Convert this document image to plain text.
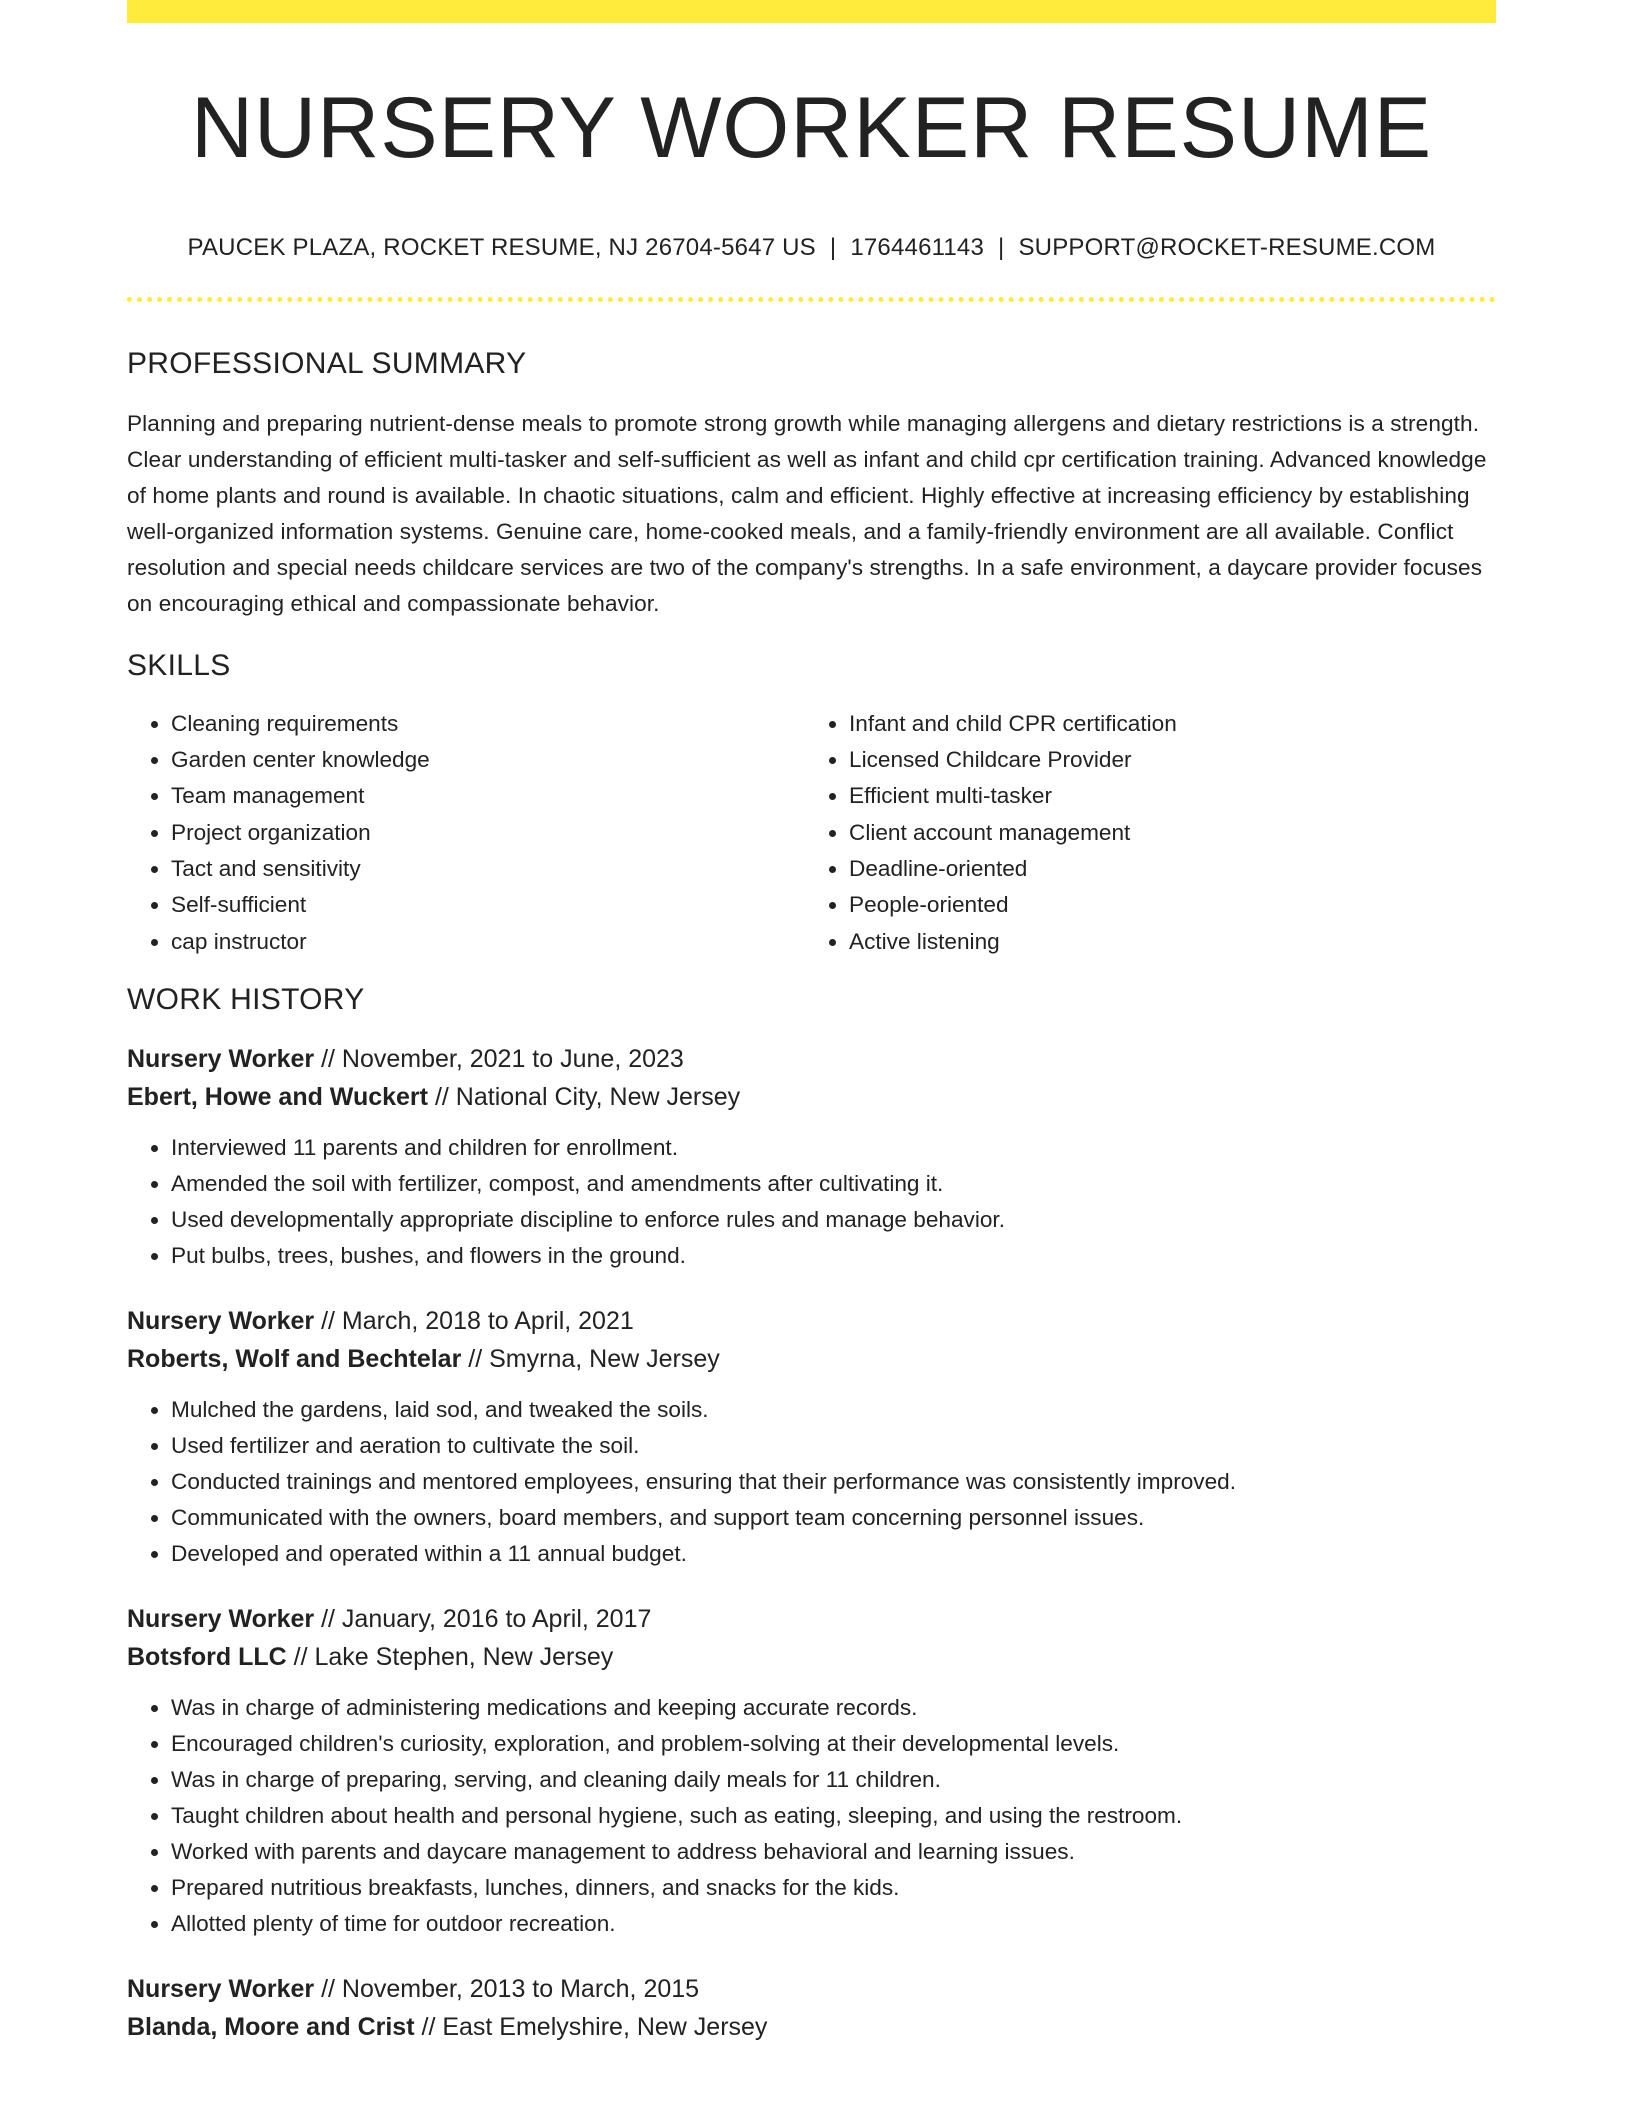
NURSERY WORKER RESUME
PAUCEK PLAZA, ROCKET RESUME, NJ 26704-5647 US | 1764461143 | SUPPORT@ROCKET-RESUME.COM
PROFESSIONAL SUMMARY

Planning and preparing nutrient-dense meals to promote strong growth while managing allergens and dietary restrictions is a strength. Clear understanding of efficient multi-tasker and self-sufficient as well as infant and child cpr certification training. Advanced knowledge of home plants and round is available. In chaotic situations, calm and efficient. Highly effective at increasing efficiency by establishing well-organized information systems. Genuine care, home-cooked meals, and a family-friendly environment are all available. Conflict resolution and special needs childcare services are two of the company's strengths. In a safe environment, a daycare provider focuses on encouraging ethical and compassionate behavior.

SKILLS
• Cleaning requirements
• Garden center knowledge
• Team management
• Project organization
• Tact and sensitivity
• Self-sufficient
• cap instructor
• Infant and child CPR certification
• Licensed Childcare Provider
• Efficient multi-tasker
• Client account management
• Deadline-oriented
• People-oriented
• Active listening
WORK HISTORY
Nursery Worker // November, 2021 to June, 2023
Ebert, Howe and Wuckert // National City, New Jersey
• Interviewed 11 parents and children for enrollment.
• Amended the soil with fertilizer, compost, and amendments after cultivating it.
• Used developmentally appropriate discipline to enforce rules and manage behavior.
• Put bulbs, trees, bushes, and flowers in the ground.
Nursery Worker // March, 2018 to April, 2021
Roberts, Wolf and Bechtelar // Smyrna, New Jersey
• Mulched the gardens, laid sod, and tweaked the soils.
• Used fertilizer and aeration to cultivate the soil.
• Conducted trainings and mentored employees, ensuring that their performance was consistently improved.
• Communicated with the owners, board members, and support team concerning personnel issues.
• Developed and operated within a 11 annual budget.
Nursery Worker // January, 2016 to April, 2017
Botsford LLC // Lake Stephen, New Jersey
• Was in charge of administering medications and keeping accurate records.
• Encouraged children's curiosity, exploration, and problem-solving at their developmental levels.
• Was in charge of preparing, serving, and cleaning daily meals for 11 children.
• Taught children about health and personal hygiene, such as eating, sleeping, and using the restroom.
• Worked with parents and daycare management to address behavioral and learning issues.
• Prepared nutritious breakfasts, lunches, dinners, and snacks for the kids.
• Allotted plenty of time for outdoor recreation.
Nursery Worker // November, 2013 to March, 2015
Blanda, Moore and Crist // East Emelyshire, New Jersey
